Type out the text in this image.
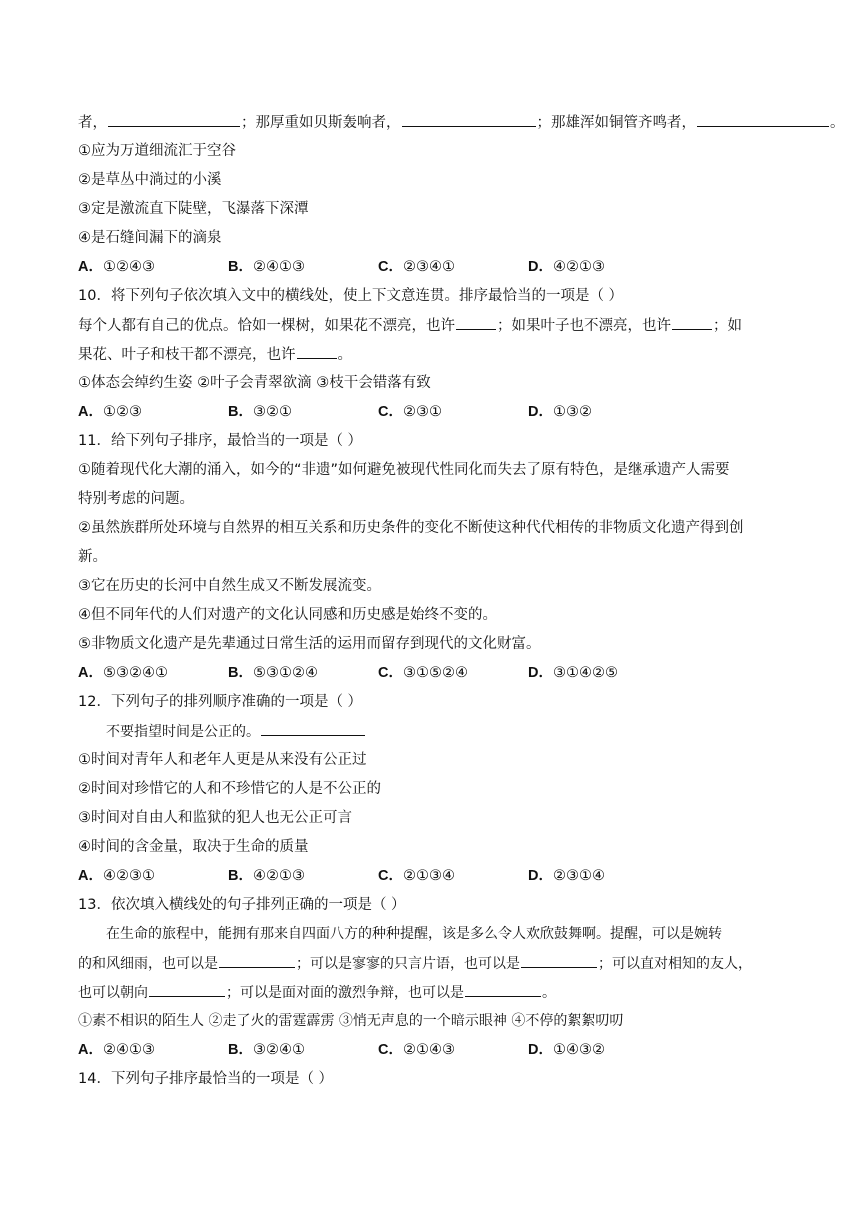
者，	；那厚重如贝斯轰响者，	；那雄浑如铜管齐鸣者，	。
①应为万道细流汇于空谷
②是草丛中淌过的小溪
③定是激流直下陡壁，飞瀑落下深潭
④是石缝间漏下的滴泉
A．①②④③	B．②④①③	C．②③④①	D．④②①③
10．将下列句子依次填入文中的横线处，使上下文意连贯。排序最恰当的一项是（ ）
每个人都有自己的优点。恰如一棵树，如果花不漂亮，也许	；如果叶子也不漂亮，也许	；如
果花、叶子和枝干都不漂亮，也许	。
①体态会绰约生姿 ②叶子会青翠欲滴 ③枝干会错落有致
A．①②③	B．③②①	C．②③①	D．①③②
11．给下列句子排序，最恰当的一项是（ ）
①随着现代化大潮的涌入，如今的“非遗”如何避免被现代性同化而失去了原有特色，是继承遗产人需要
特别考虑的问题。
②虽然族群所处环境与自然界的相互关系和历史条件的变化不断使这种代代相传的非物质文化遗产得到创
新。
③它在历史的长河中自然生成又不断发展流变。
④但不同年代的人们对遗产的文化认同感和历史感是始终不变的。
⑤非物质文化遗产是先辈通过日常生活的运用而留存到现代的文化财富。
A．⑤③②④①	B．⑤③①②④	C．③①⑤②④	D．③①④②⑤
12．下列句子的排列顺序准确的一项是（ ）
不要指望时间是公正的。
①时间对青年人和老年人更是从来没有公正过
②时间对珍惜它的人和不珍惜它的人是不公正的
③时间对自由人和监狱的犯人也无公正可言
④时间的含金量，取决于生命的质量
A．④②③①	B．④②①③	C．②①③④	D．②③①④
13．依次填入横线处的句子排列正确的一项是（ ）
在生命的旅程中，能拥有那来自四面八方的种种提醒，该是多么令人欢欣鼓舞啊。提醒，可以是婉转
的和风细雨，也可以是	；可以是寥寥的只言片语，也可以是	；可以直对相知的友人，
也可以朝向	；可以是面对面的激烈争辩，也可以是	。
①素不相识的陌生人 ②走了火的雷霆霹雳 ③悄无声息的一个暗示眼神 ④不停的絮絮叨叨
A．②④①③	B．③②④①	C．②①④③	D．①④③②
14．下列句子排序最恰当的一项是（ ）
